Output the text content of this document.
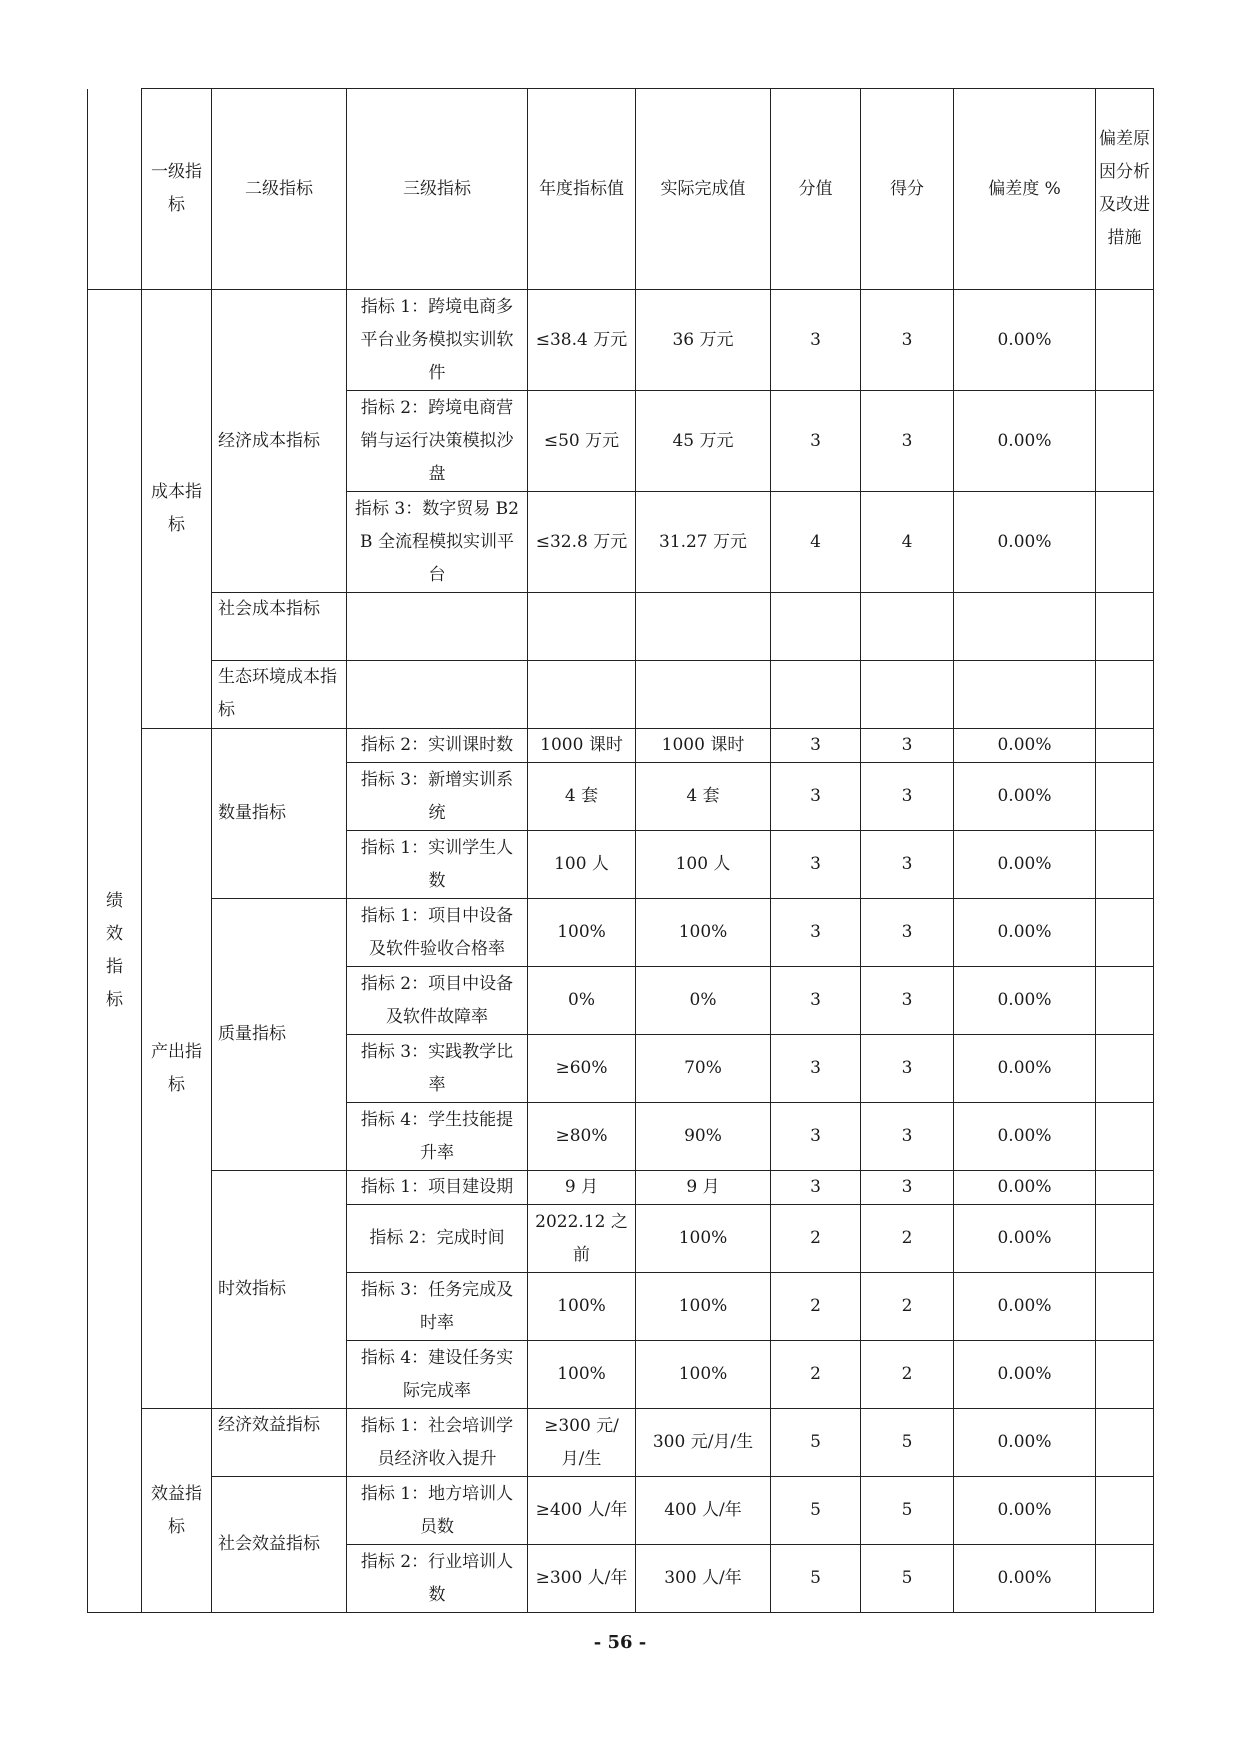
	一级指标	二级指标	三级指标	年度指标值	实际完成值	分值	得分	偏差度 %	偏差原因分析及改进措施
绩效指标	成本指标	经济成本指标	指标 1：跨境电商多平台业务模拟实训软件	≤38.4 万元	36 万元	3	3	0.00%	
			指标 2：跨境电商营销与运行决策模拟沙盘	≤50 万元	45 万元	3	3	0.00%	
			指标 3：数字贸易 B2B 全流程模拟实训平台	≤32.8 万元	31.27 万元	4	4	0.00%	
		社会成本指标							
		生态环境成本指标							
	产出指标	数量指标	指标 2：实训课时数	1000 课时	1000 课时	3	3	0.00%	
			指标 3：新增实训系统	4 套	4 套	3	3	0.00%	
			指标 1：实训学生人数	100 人	100 人	3	3	0.00%	
		质量指标	指标 1：项目中设备及软件验收合格率	100%	100%	3	3	0.00%	
			指标 2：项目中设备及软件故障率	0%	0%	3	3	0.00%	
			指标 3：实践教学比率	≥60%	70%	3	3	0.00%	
			指标 4：学生技能提升率	≥80%	90%	3	3	0.00%	
		时效指标	指标 1：项目建设期	9 月	9 月	3	3	0.00%	
			指标 2：完成时间	2022.12 之前	100%	2	2	0.00%	
			指标 3：任务完成及时率	100%	100%	2	2	0.00%	
			指标 4：建设任务实际完成率	100%	100%	2	2	0.00%	
	效益指标	经济效益指标	指标 1：社会培训学员经济收入提升	≥300 元/月/生	300 元/月/生	5	5	0.00%	
		社会效益指标	指标 1：地方培训人员数	≥400 人/年	400 人/年	5	5	0.00%	
			指标 2：行业培训人数	≥300 人/年	300 人/年	5	5	0.00%	
- 56 -
